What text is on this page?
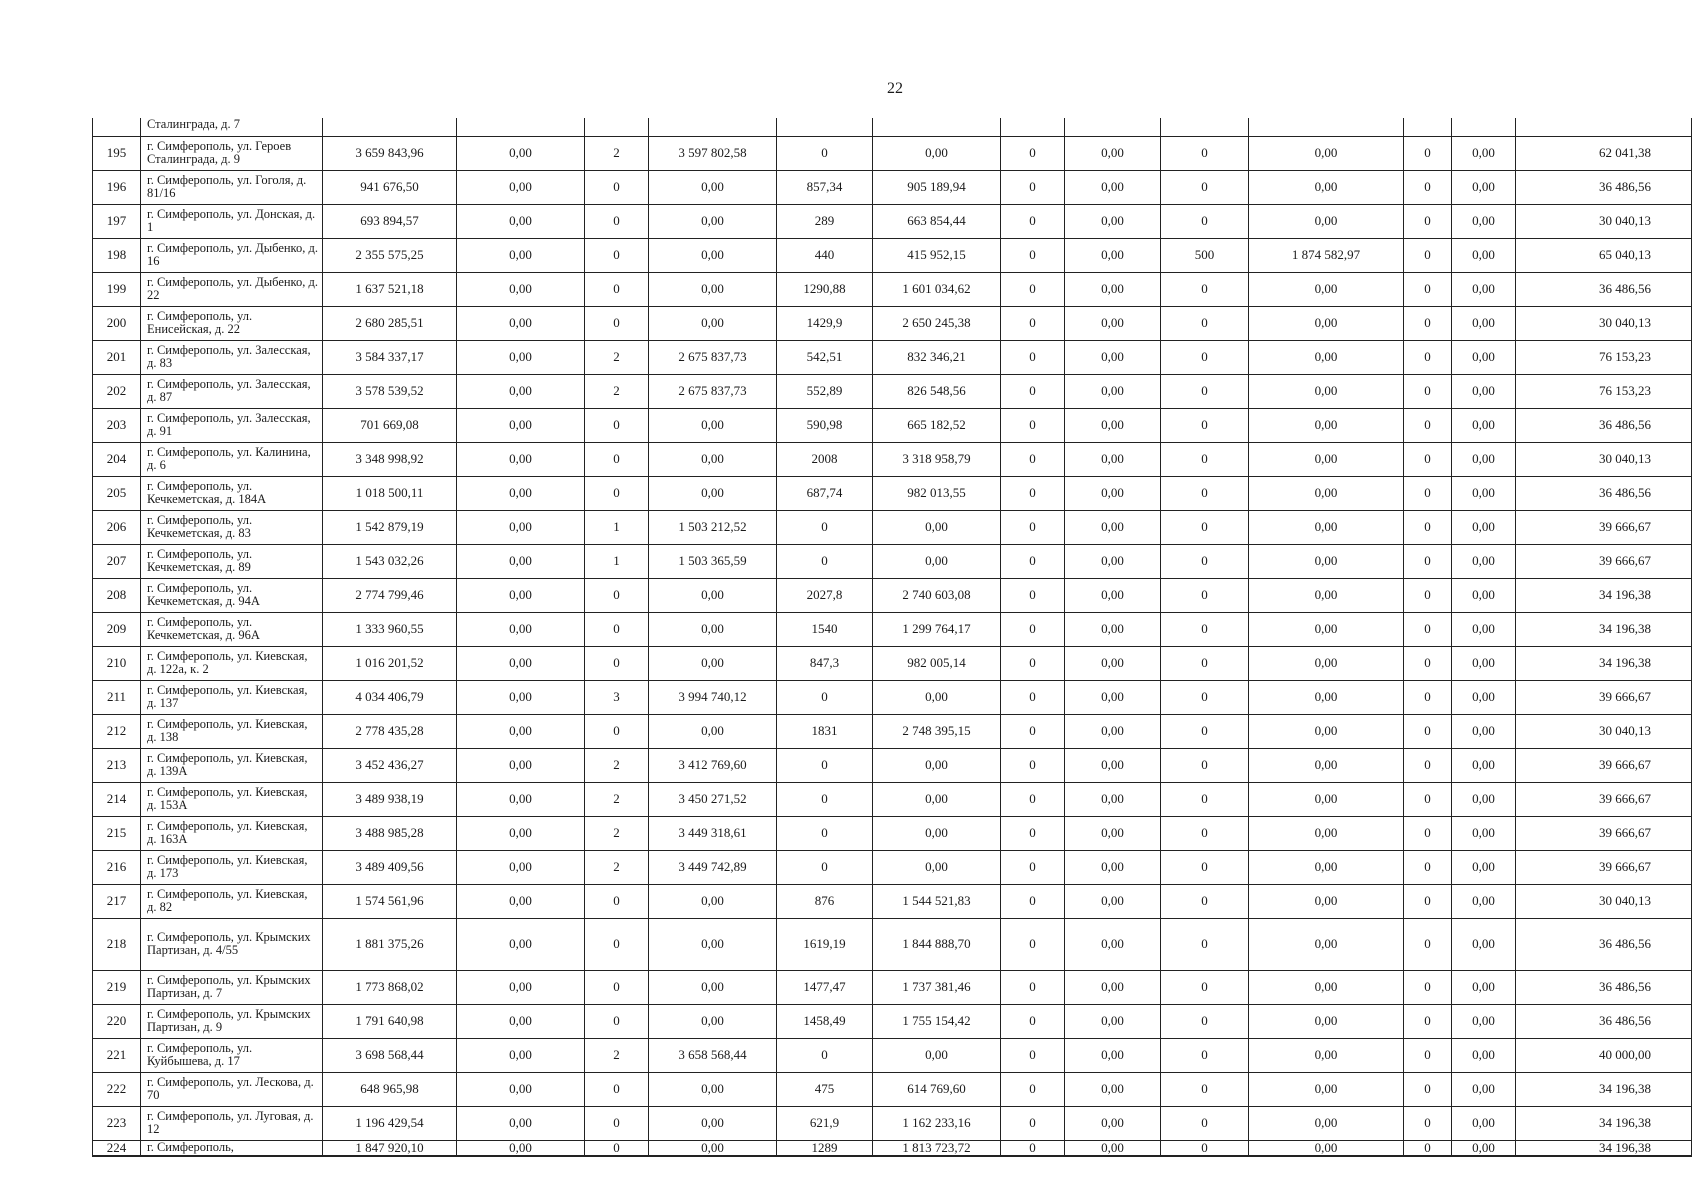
22
	Сталинграда, д. 7													
195	г. Симферополь, ул. Героев Сталинграда, д. 9	3 659 843,96	0,00	2	3 597 802,58	0	0,00	0	0,00	0	0,00	0	0,00	62 041,38
196	г. Симферополь, ул. Гоголя, д. 81/16	941 676,50	0,00	0	0,00	857,34	905 189,94	0	0,00	0	0,00	0	0,00	36 486,56
197	г. Симферополь, ул. Донская, д. 1	693 894,57	0,00	0	0,00	289	663 854,44	0	0,00	0	0,00	0	0,00	30 040,13
198	г. Симферополь, ул. Дыбенко, д. 16	2 355 575,25	0,00	0	0,00	440	415 952,15	0	0,00	500	1 874 582,97	0	0,00	65 040,13
199	г. Симферополь, ул. Дыбенко, д. 22	1 637 521,18	0,00	0	0,00	1290,88	1 601 034,62	0	0,00	0	0,00	0	0,00	36 486,56
200	г. Симферополь, ул. Енисейская, д. 22	2 680 285,51	0,00	0	0,00	1429,9	2 650 245,38	0	0,00	0	0,00	0	0,00	30 040,13
201	г. Симферополь, ул. Залесская, д. 83	3 584 337,17	0,00	2	2 675 837,73	542,51	832 346,21	0	0,00	0	0,00	0	0,00	76 153,23
202	г. Симферополь, ул. Залесская, д. 87	3 578 539,52	0,00	2	2 675 837,73	552,89	826 548,56	0	0,00	0	0,00	0	0,00	76 153,23
203	г. Симферополь, ул. Залесская, д. 91	701 669,08	0,00	0	0,00	590,98	665 182,52	0	0,00	0	0,00	0	0,00	36 486,56
204	г. Симферополь, ул. Калинина, д. 6	3 348 998,92	0,00	0	0,00	2008	3 318 958,79	0	0,00	0	0,00	0	0,00	30 040,13
205	г. Симферополь, ул. Кечкеметская, д. 184А	1 018 500,11	0,00	0	0,00	687,74	982 013,55	0	0,00	0	0,00	0	0,00	36 486,56
206	г. Симферополь, ул. Кечкеметская, д. 83	1 542 879,19	0,00	1	1 503 212,52	0	0,00	0	0,00	0	0,00	0	0,00	39 666,67
207	г. Симферополь, ул. Кечкеметская, д. 89	1 543 032,26	0,00	1	1 503 365,59	0	0,00	0	0,00	0	0,00	0	0,00	39 666,67
208	г. Симферополь, ул. Кечкеметская, д. 94А	2 774 799,46	0,00	0	0,00	2027,8	2 740 603,08	0	0,00	0	0,00	0	0,00	34 196,38
209	г. Симферополь, ул. Кечкеметская, д. 96А	1 333 960,55	0,00	0	0,00	1540	1 299 764,17	0	0,00	0	0,00	0	0,00	34 196,38
210	г. Симферополь, ул. Киевская, д. 122а, к. 2	1 016 201,52	0,00	0	0,00	847,3	982 005,14	0	0,00	0	0,00	0	0,00	34 196,38
211	г. Симферополь, ул. Киевская, д. 137	4 034 406,79	0,00	3	3 994 740,12	0	0,00	0	0,00	0	0,00	0	0,00	39 666,67
212	г. Симферополь, ул. Киевская, д. 138	2 778 435,28	0,00	0	0,00	1831	2 748 395,15	0	0,00	0	0,00	0	0,00	30 040,13
213	г. Симферополь, ул. Киевская, д. 139А	3 452 436,27	0,00	2	3 412 769,60	0	0,00	0	0,00	0	0,00	0	0,00	39 666,67
214	г. Симферополь, ул. Киевская, д. 153А	3 489 938,19	0,00	2	3 450 271,52	0	0,00	0	0,00	0	0,00	0	0,00	39 666,67
215	г. Симферополь, ул. Киевская, д. 163А	3 488 985,28	0,00	2	3 449 318,61	0	0,00	0	0,00	0	0,00	0	0,00	39 666,67
216	г. Симферополь, ул. Киевская, д. 173	3 489 409,56	0,00	2	3 449 742,89	0	0,00	0	0,00	0	0,00	0	0,00	39 666,67
217	г. Симферополь, ул. Киевская, д. 82	1 574 561,96	0,00	0	0,00	876	1 544 521,83	0	0,00	0	0,00	0	0,00	30 040,13
218	г. Симферополь, ул. Крымских Партизан, д. 4/55	1 881 375,26	0,00	0	0,00	1619,19	1 844 888,70	0	0,00	0	0,00	0	0,00	36 486,56
219	г. Симферополь, ул. Крымских Партизан, д. 7	1 773 868,02	0,00	0	0,00	1477,47	1 737 381,46	0	0,00	0	0,00	0	0,00	36 486,56
220	г. Симферополь, ул. Крымских Партизан, д. 9	1 791 640,98	0,00	0	0,00	1458,49	1 755 154,42	0	0,00	0	0,00	0	0,00	36 486,56
221	г. Симферополь, ул. Куйбышева, д. 17	3 698 568,44	0,00	2	3 658 568,44	0	0,00	0	0,00	0	0,00	0	0,00	40 000,00
222	г. Симферополь, ул. Лескова, д. 70	648 965,98	0,00	0	0,00	475	614 769,60	0	0,00	0	0,00	0	0,00	34 196,38
223	г. Симферополь, ул. Луговая, д. 12	1 196 429,54	0,00	0	0,00	621,9	1 162 233,16	0	0,00	0	0,00	0	0,00	34 196,38
224	г. Симферополь,	1 847 920,10	0,00	0	0,00	1289	1 813 723,72	0	0,00	0	0,00	0	0,00	34 196,38
